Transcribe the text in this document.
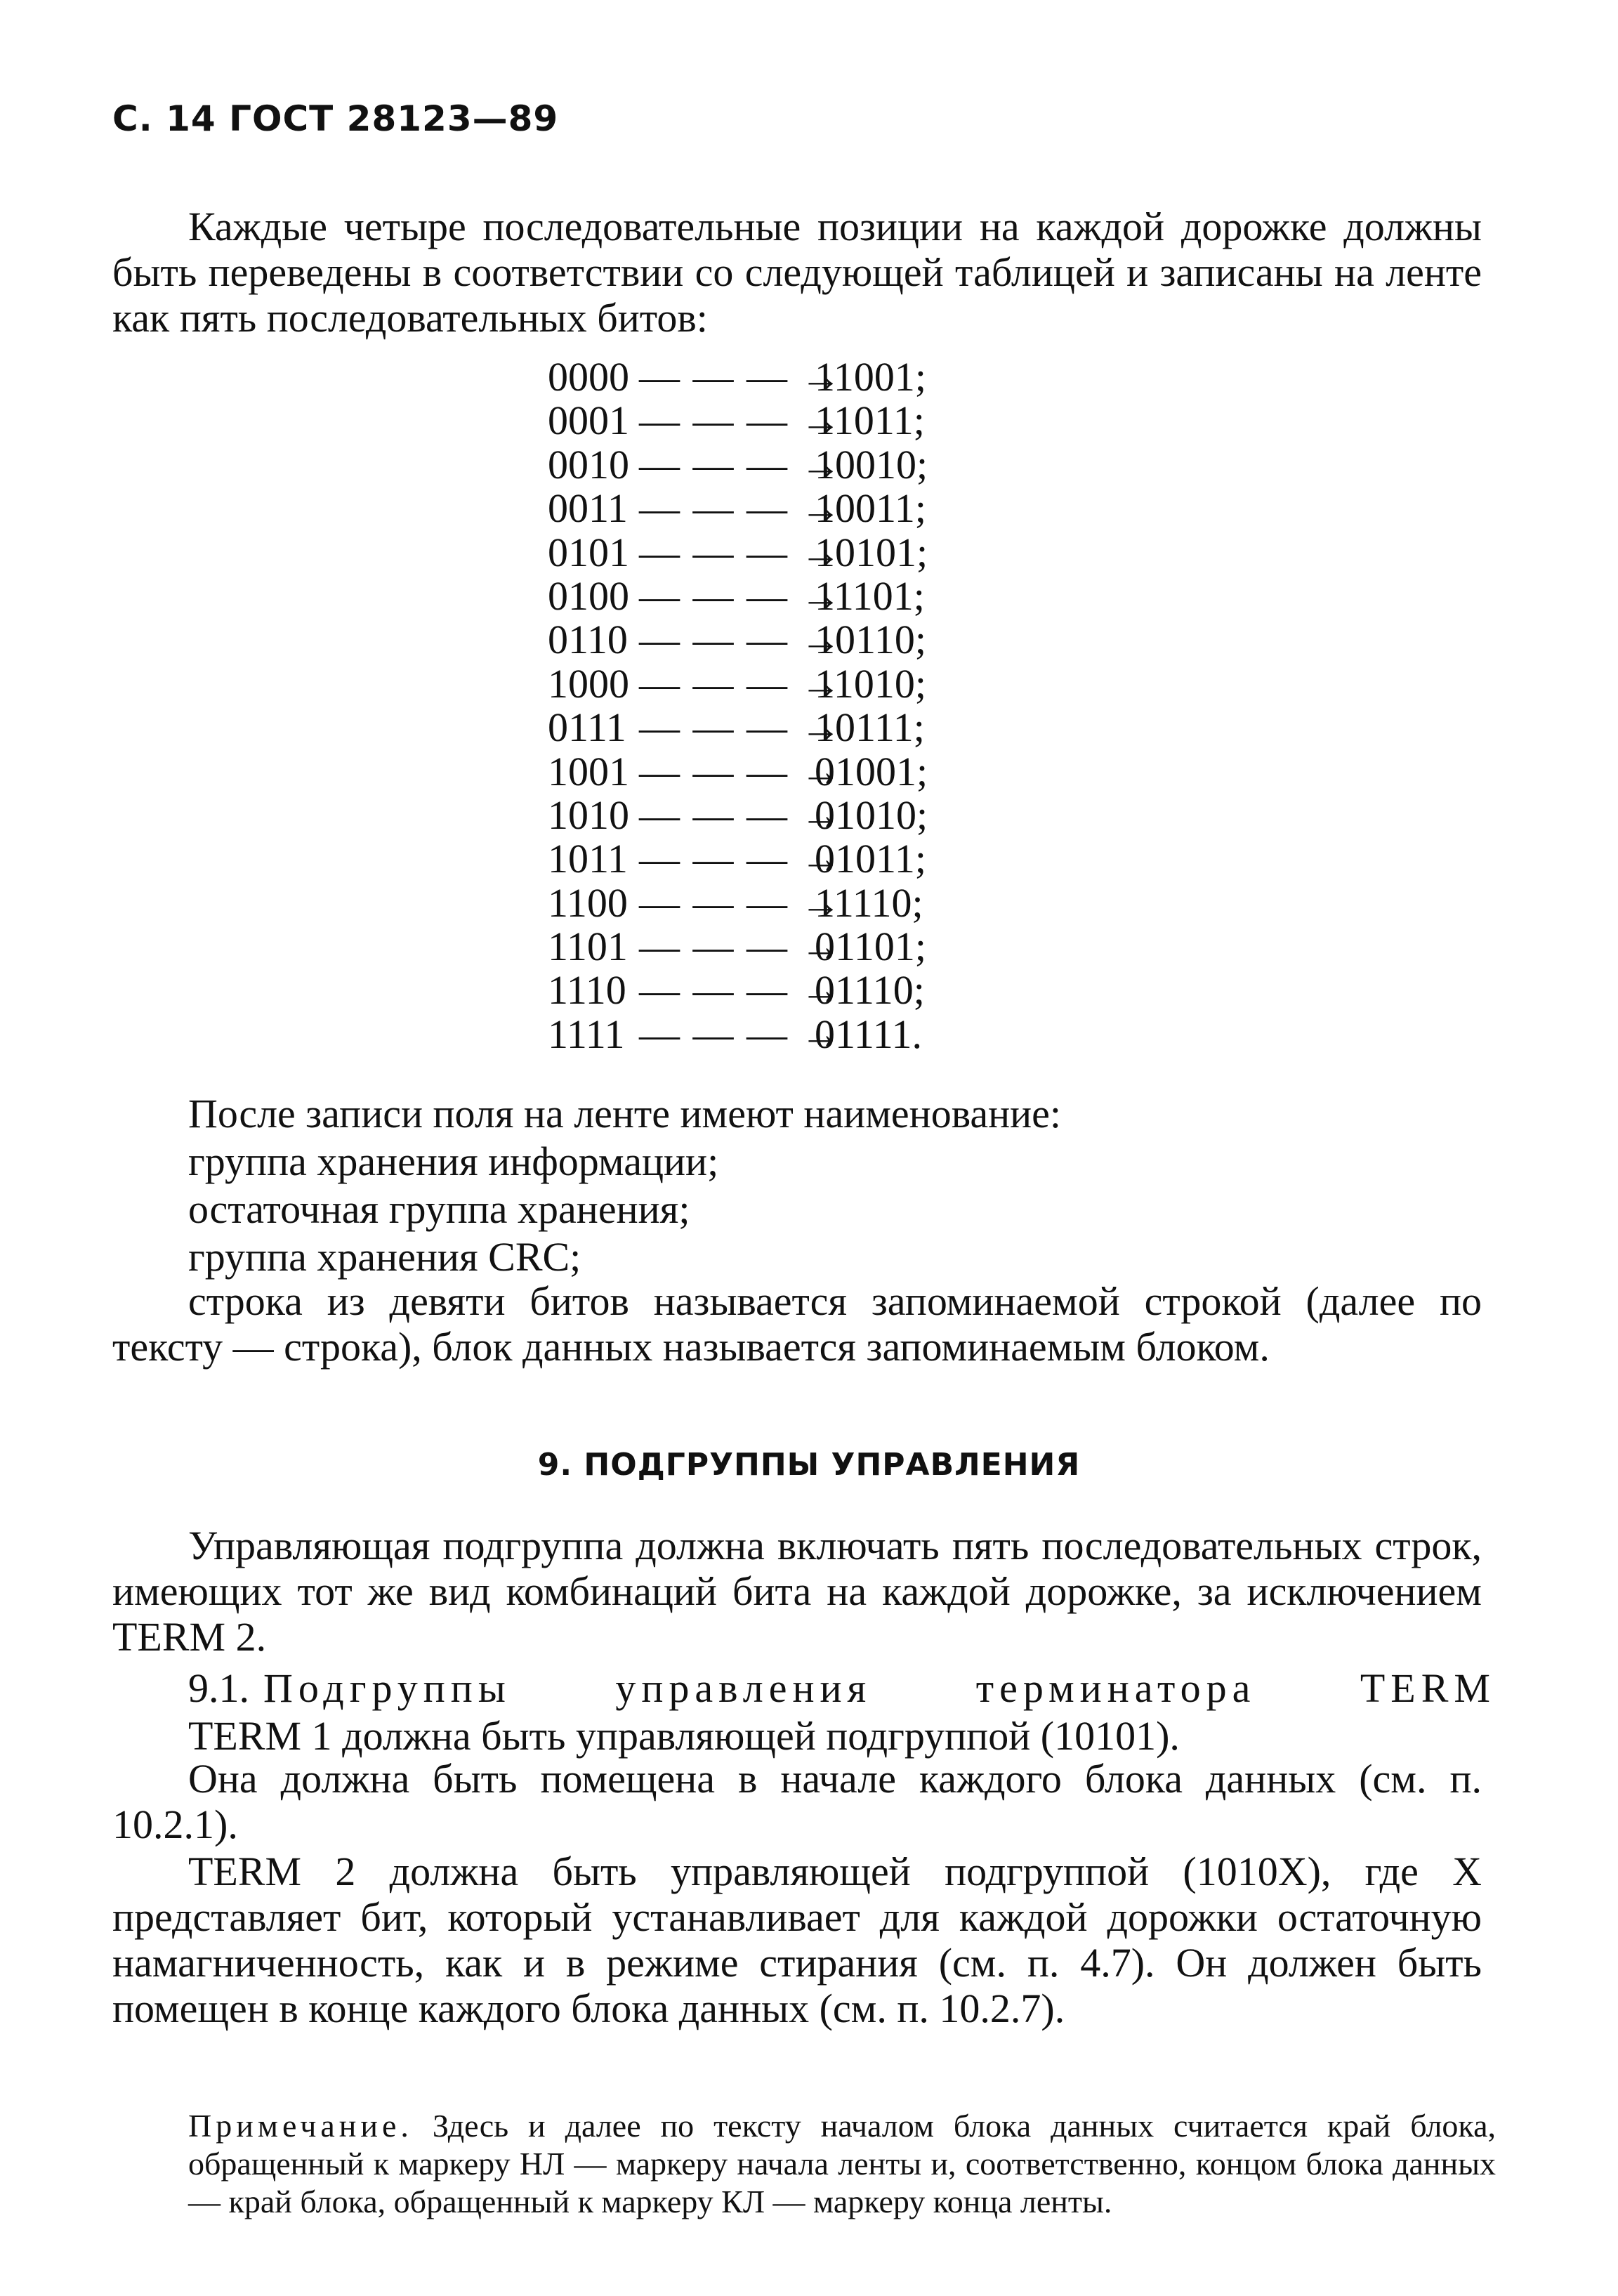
С. 14 ГОСТ 28123—89

Каждые четыре последовательные позиции на каждой дорожке должны быть переведены в соответствии со следующей таблицей и записаны на ленте как пять последовательных битов:

0000 — — — →
11001;
0001 — — — →
11011;
0010 — — — →
10010;
0011 — — — →
10011;
0101 — — — →
10101;
0100 — — — →
11101;
0110 — — — →
10110;
1000 — — — →
11010;
0111 — — — →
10111;
1001 — — — →
01001;
1010 — — — →
01010;
1011 — — — →
01011;
1100 — — — →
11110;
1101 — — — →
01101;
1110 — — — →
01110;
1111 — — — →
01111.
После записи поля на ленте имеют наименование:
группа хранения информации;
остаточная группа хранения;
группа хранения CRC;

строка из девяти битов называется запоминаемой строкой (далее по тексту — строка), блок данных называется запоминаемым блоком.

9. ПОДГРУППЫ УПРАВЛЕНИЯ

Управляющая подгруппа должна включать пять последовательных строк, имеющих тот же вид комбинаций бита на каждой дорожке, за исключением TERM 2.

9.1. Подгруппы управления терминатора TERM
TERM 1 должна быть управляющей подгруппой (10101).

Она должна быть помещена в начале каждого блока данных (см. п. 10.2.1).

TERM 2 должна быть управляющей подгруппой (1010X), где X представляет бит, который устанавливает для каждой дорожки остаточную намагниченность, как и в режиме стирания (см. п. 4.7). Он должен быть помещен в конце каждого блока данных (см. п. 10.2.7).

Примечание. Здесь и далее по тексту началом блока данных считается край блока, обращенный к маркеру НЛ — маркеру начала ленты и, соответственно, концом блока данных — край блока, обращенный к маркеру КЛ — маркеру конца ленты.
